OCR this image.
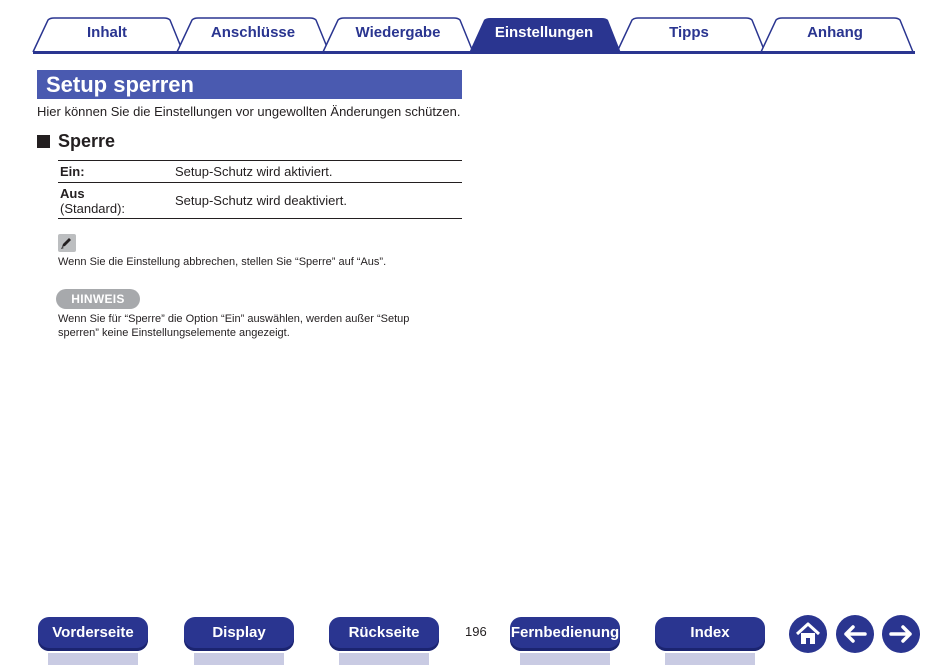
Inhalt	Anschlüsse	Wiedergabe	Einstellungen	Tipps	Anhang
Setup sperren
Hier können Sie die Einstellungen vor ungewollten Änderungen schützen.
Sperre
Ein:	Setup-Schutz wird aktiviert.
Aus
(Standard):	Setup-Schutz wird deaktiviert.
Wenn Sie die Einstellung abbrechen, stellen Sie “Sperre” auf “Aus”.
HINWEIS
Wenn Sie für “Sperre” die Option “Ein” auswählen, werden außer “Setup sperren” keine Einstellungselemente angezeigt.
Vorderseite	Display	Rückseite	196 Fernbedienung	Index
